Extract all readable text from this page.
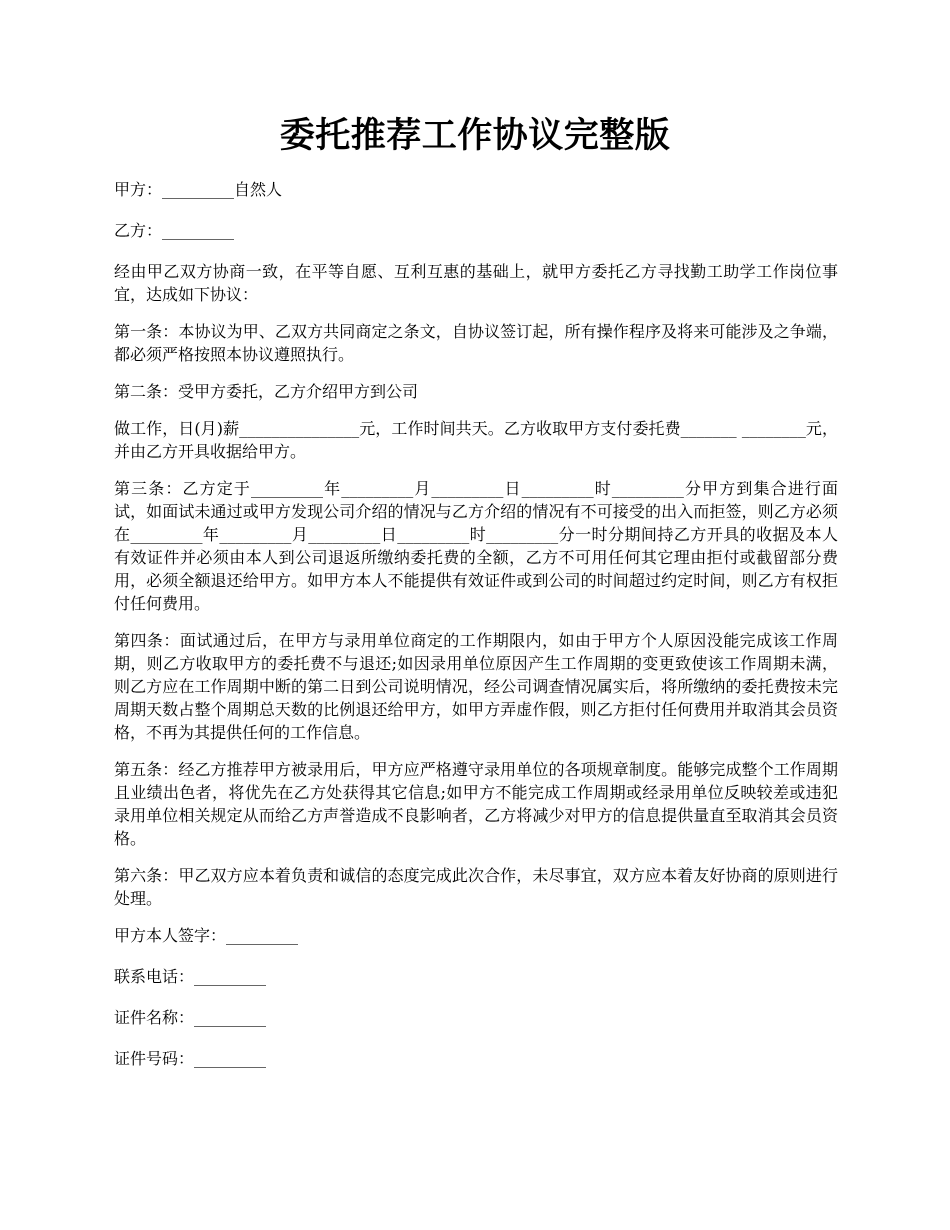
委托推荐工作协议完整版

甲方：_________自然人

乙方：_________

经由甲乙双方协商一致，在平等自愿、互利互惠的基础上，就甲方委托乙方寻找勤工助学工作岗位事宜，达成如下协议：

第一条：本协议为甲、乙双方共同商定之条文，自协议签订起，所有操作程序及将来可能涉及之争端，都必须严格按照本协议遵照执行。

第二条：受甲方委托，乙方介绍甲方到公司

做工作，日(月)薪_______________元，工作时间共天。乙方收取甲方支付委托费_______ ________元，并由乙方开具收据给甲方。

第三条：乙方定于_________年_________月_________日_________时_________分甲方到集合进行面试，如面试未通过或甲方发现公司介绍的情况与乙方介绍的情况有不可接受的出入而拒签，则乙方必须在_________年_________月_________日_________时_________分一时分期间持乙方开具的收据及本人有效证件并必须由本人到公司退返所缴纳委托费的全额，乙方不可用任何其它理由拒付或截留部分费用，必须全额退还给甲方。如甲方本人不能提供有效证件或到公司的时间超过约定时间，则乙方有权拒付任何费用。

第四条：面试通过后，在甲方与录用单位商定的工作期限内，如由于甲方个人原因没能完成该工作周期，则乙方收取甲方的委托费不与退还;如因录用单位原因产生工作周期的变更致使该工作周期未满，则乙方应在工作周期中断的第二日到公司说明情况，经公司调查情况属实后，将所缴纳的委托费按未完周期天数占整个周期总天数的比例退还给甲方，如甲方弄虚作假，则乙方拒付任何费用并取消其会员资格，不再为其提供任何的工作信息。

第五条：经乙方推荐甲方被录用后，甲方应严格遵守录用单位的各项规章制度。能够完成整个工作周期且业绩出色者，将优先在乙方处获得其它信息;如甲方不能完成工作周期或经录用单位反映较差或违犯录用单位相关规定从而给乙方声誉造成不良影响者，乙方将减少对甲方的信息提供量直至取消其会员资格。

第六条：甲乙双方应本着负责和诚信的态度完成此次合作，未尽事宜，双方应本着友好协商的原则进行处理。

甲方本人签字：_________

联系电话：_________

证件名称：_________

证件号码：_________
